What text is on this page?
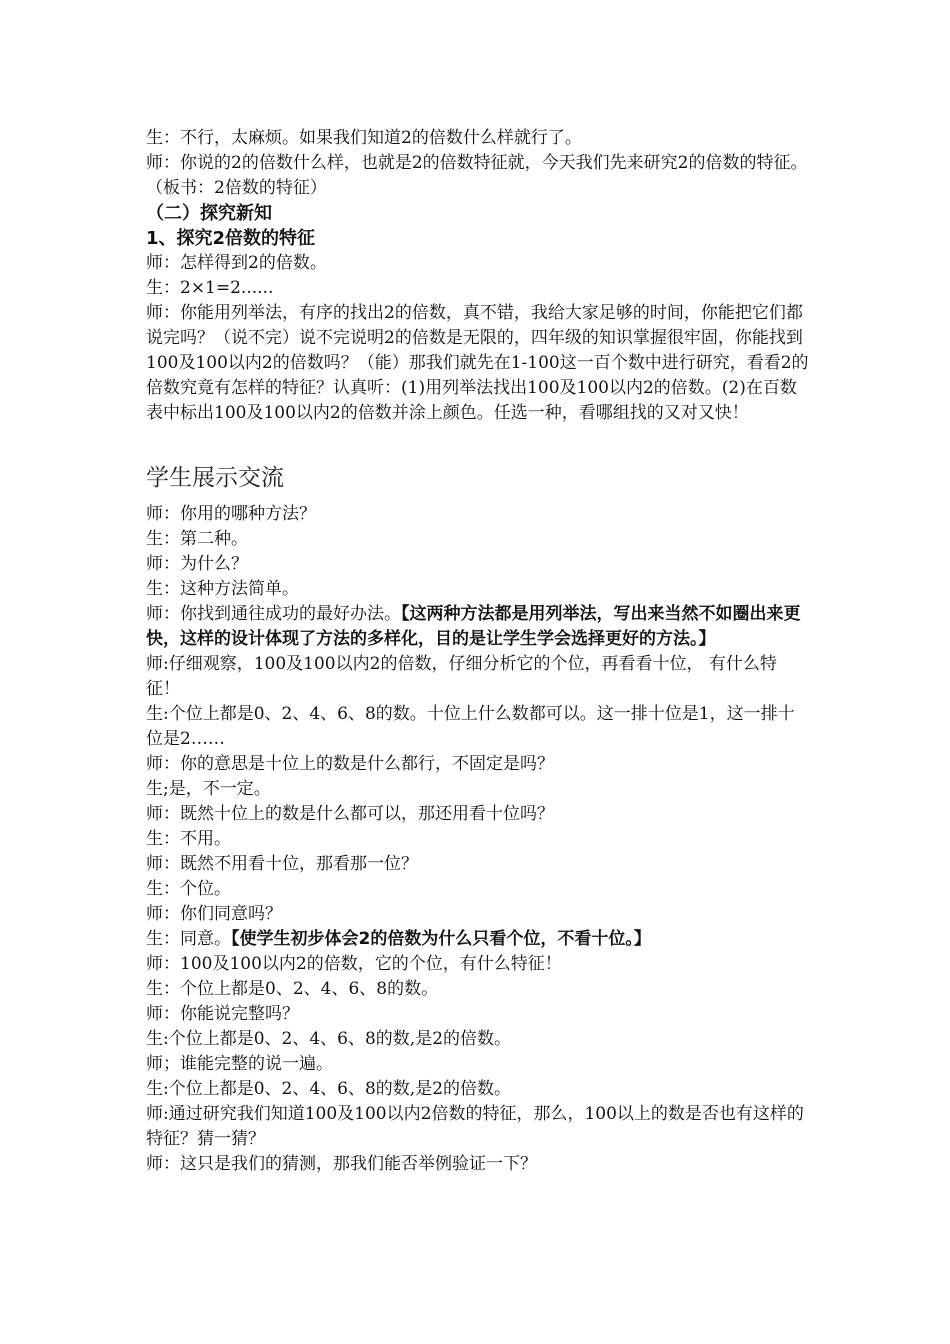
生：不行，太麻烦。如果我们知道2的倍数什么样就行了。

师：你说的2的倍数什么样，也就是2的倍数特征就，今天我们先来研究2的倍数的特征。（板书：2倍数的特征）

（二）探究新知

1、探究2倍数的特征

师：怎样得到2的倍数。

生：2×1=2......

师：你能用列举法，有序的找出2的倍数，真不错，我给大家足够的时间，你能把它们都说完吗？（说不完）说不完说明2的倍数是无限的，四年级的知识掌握很牢固，你能找到100及100以内2的倍数吗？（能）那我们就先在1-100这一百个数中进行研究，看看2的倍数究竟有怎样的特征？认真听：(1)用列举法找出100及100以内2的倍数。(2)在百数表中标出100及100以内2的倍数并涂上颜色。任选一种，看哪组找的又对又快！

学生展示交流

师：你用的哪种方法？

生：第二种。

师：为什么？

生：这种方法简单。

师：你找到通往成功的最好办法。【这两种方法都是用列举法，写出来当然不如圈出来更快，这样的设计体现了方法的多样化，目的是让学生学会选择更好的方法。】

师:仔细观察，100及100以内2的倍数，仔细分析它的个位，再看看十位， 有什么特征！

生:个位上都是0、2、4、6、8的数。十位上什么数都可以。这一排十位是1，这一排十位是2……

师：你的意思是十位上的数是什么都行，不固定是吗？

生;是，不一定。

师：既然十位上的数是什么都可以，那还用看十位吗？

生：不用。

师：既然不用看十位，那看那一位？

生：个位。

师：你们同意吗？

生：同意。【使学生初步体会2的倍数为什么只看个位，不看十位。】

师：100及100以内2的倍数，它的个位，有什么特征！

生：个位上都是0、2、4、6、8的数。

师：你能说完整吗？

生:个位上都是0、2、4、6、8的数,是2的倍数。

师；谁能完整的说一遍。

生:个位上都是0、2、4、6、8的数,是2的倍数。

师:通过研究我们知道100及100以内2倍数的特征，那么，100以上的数是否也有这样的特征？猜一猜？

师：这只是我们的猜测，那我们能否举例验证一下？
